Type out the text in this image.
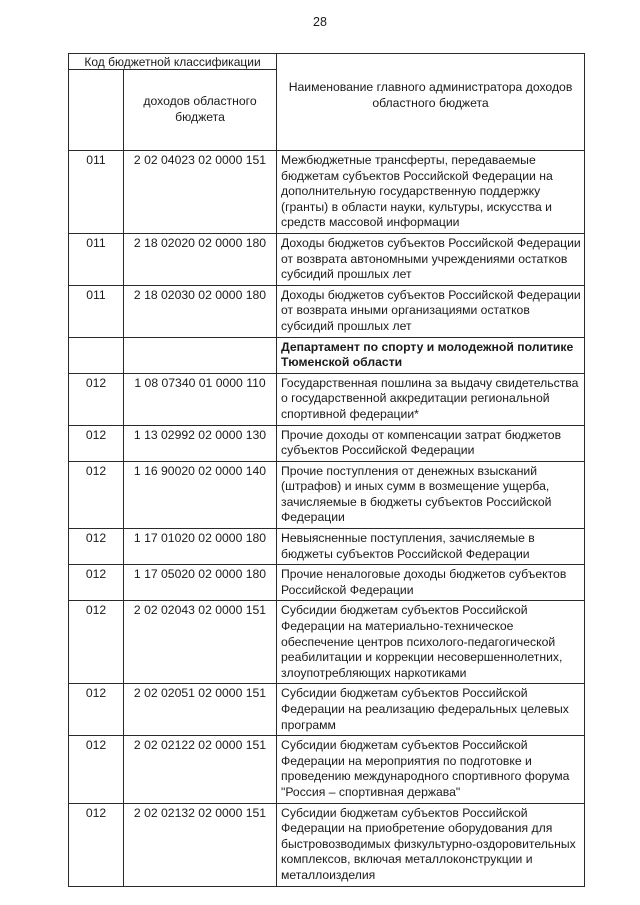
28
Код бюджетной классификации		Наименование главного администратора доходов областного бюджета
	доходов областного бюджета	
011	2 02 04023 02 0000 151	Межбюджетные трансферты, передаваемые бюджетам субъектов Российской Федерации на дополнительную государственную поддержку (гранты) в области науки, культуры, искусства и средств массовой информации
011	2 18 02020 02 0000 180	Доходы бюджетов субъектов Российской Федерации от возврата автономными учреждениями остатков субсидий прошлых лет
011	2 18 02030 02 0000 180	Доходы бюджетов субъектов Российской Федерации от возврата иными организациями остатков субсидий прошлых лет
		Департамент по спорту и молодежной политике Тюменской области
012	1 08 07340 01 0000 110	Государственная пошлина за выдачу свидетельства о государственной аккредитации региональной спортивной федерации*
012	1 13 02992 02 0000 130	Прочие доходы от компенсации затрат бюджетов субъектов Российской Федерации
012	1 16 90020 02 0000 140	Прочие поступления от денежных взысканий (штрафов) и иных сумм в возмещение ущерба, зачисляемые в бюджеты субъектов Российской Федерации
012	1 17 01020 02 0000 180	Невыясненные поступления, зачисляемые в бюджеты субъектов Российской Федерации
012	1 17 05020 02 0000 180	Прочие неналоговые доходы бюджетов субъектов Российской Федерации
012	2 02 02043 02 0000 151	Субсидии бюджетам субъектов Российской Федерации на материально-техническое обеспечение центров психолого-педагогической реабилитации и коррекции несовершеннолетних, злоупотребляющих наркотиками
012	2 02 02051 02 0000 151	Субсидии бюджетам субъектов Российской Федерации на реализацию федеральных целевых программ
012	2 02 02122 02 0000 151	Субсидии бюджетам субъектов Российской Федерации на мероприятия по подготовке и проведению международного спортивного форума "Россия – спортивная держава"
012	2 02 02132 02 0000 151	Субсидии бюджетам субъектов Российской Федерации на приобретение оборудования для быстровозводимых физкультурно-оздоровительных комплексов, включая металлоконструкции и металлоизделия
